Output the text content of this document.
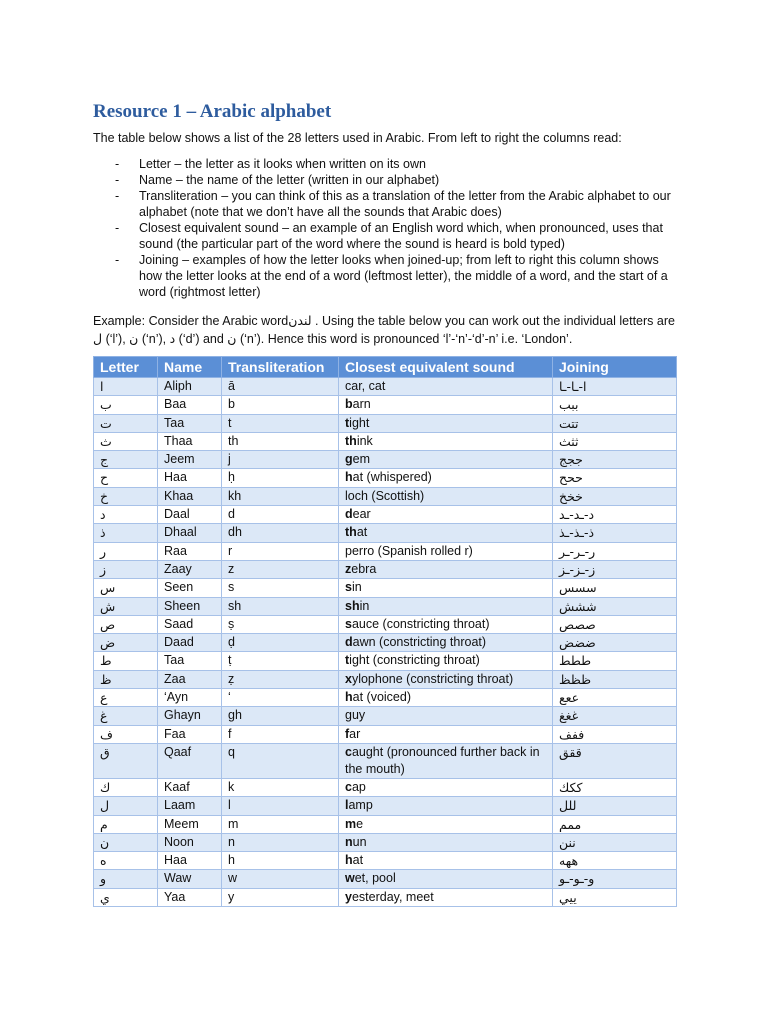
Resource 1 – Arabic alphabet

The table below shows a list of the 28 letters used in Arabic. From left to right the columns read:

- Letter – the letter as it looks when written on its own
- Name – the name of the letter (written in our alphabet)
- Transliteration – you can think of this as a translation of the letter from the Arabic alphabet to our alphabet (note that we don’t have all the sounds that Arabic does)
- Closest equivalent sound – an example of an English word which, when pronounced, uses that sound (the particular part of the word where the sound is heard is bold typed)
- Joining – examples of how the letter looks when joined-up; from left to right this column shows how the letter looks at the end of a word (leftmost letter), the middle of a word, and the start of a word (rightmost letter)

Example: Consider the Arabic wordلندن . Using the table below you can work out the individual letters are ل (‘l’), ن (‘n’), د (‘d’) and ن (‘n’). Hence this word is pronounced ‘l’-‘n’-‘d’-n’ i.e. ‘London’.

Letter	Name	Transliteration	Closest equivalent sound	Joining
ا	Aliph	ā	car, cat	ا-ـا-ـا
ب	Baa	b	barn	ببب
ت	Taa	t	tight	تتت
ث	Thaa	th	think	ثثث
ج	Jeem	j	gem	ججج
ح	Haa	ḥ	hat (whispered)	ححح
خ	Khaa	kh	loch (Scottish)	خخخ
د	Daal	d	dear	د-ـد-ـد
ذ	Dhaal	dh	that	ذ-ـذ-ـذ
ر	Raa	r	perro (Spanish rolled r)	ر-ـر-ـر
ز	Zaay	z	zebra	ز-ـز-ـز
س	Seen	s	sin	سسس
ش	Sheen	sh	shin	ششش
ص	Saad	ṣ	sauce (constricting throat)	صصص
ض	Daad	ḍ	dawn (constricting throat)	ضضض
ط	Taa	ṭ	tight (constricting throat)	ططط
ظ	Zaa	ẓ	xylophone (constricting throat)	ظظظ
ع	‘Ayn	‘	hat (voiced)	ععع
غ	Ghayn	gh	guy	غغغ
ف	Faa	f	far	ففف
ق	Qaaf	q	caught (pronounced further back in the mouth)	ققق
ك	Kaaf	k	cap	ككك
ل	Laam	l	lamp	للل
م	Meem	m	me	ممم
ن	Noon	n	nun	ننن
ه	Haa	h	hat	ههه
و	Waw	w	wet, pool	و-ـو-ـو
ي	Yaa	y	yesterday, meet	ييي
